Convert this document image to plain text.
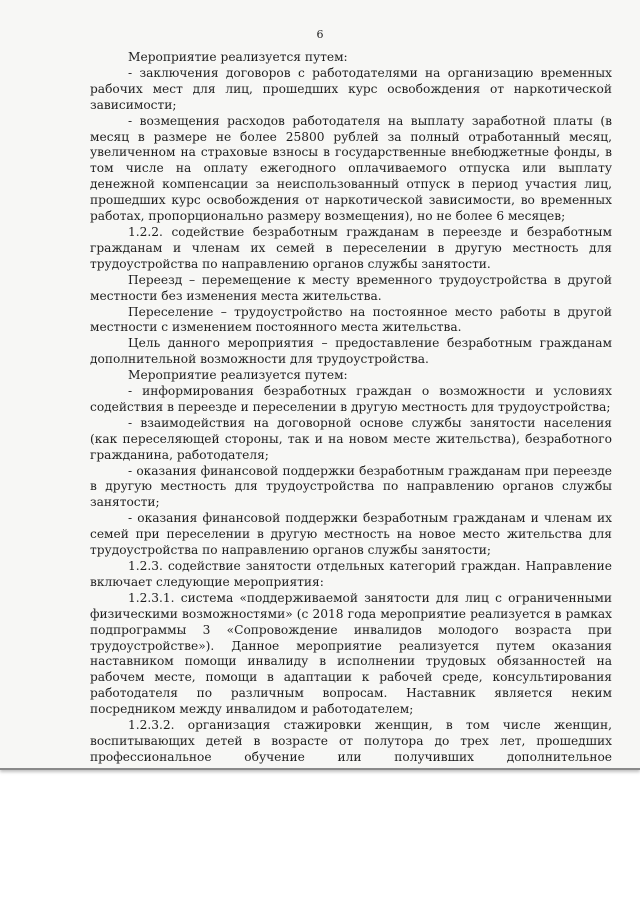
6

Мероприятие реализуется путем:

- заключения договоров с работодателями на организацию временных рабочих мест для лиц, прошедших курс освобождения от наркотической зависимости;

- возмещения расходов работодателя на выплату заработной платы (в месяц в размере не более 25800 рублей за полный отработанный месяц, увеличенном на страховые взносы в государственные внебюджетные фонды, в том числе на оплату ежегодного оплачиваемого отпуска или выплату денежной компенсации за неиспользованный отпуск в период участия лиц, прошедших курс освобождения от наркотической зависимости, во временных работах, пропорционально размеру возмещения), но не более 6 месяцев;

1.2.2. содействие безработным гражданам в переезде и безработным гражданам и членам их семей в переселении в другую местность для трудоустройства по направлению органов службы занятости.

Переезд – перемещение к месту временного трудоустройства в другой местности без изменения места жительства.

Переселение – трудоустройство на постоянное место работы в другой местности с изменением постоянного места жительства.

Цель данного мероприятия – предоставление безработным гражданам дополнительной возможности для трудоустройства.

Мероприятие реализуется путем:

- информирования безработных граждан о возможности и условиях содействия в переезде и переселении в другую местность для трудоустройства;

- взаимодействия на договорной основе службы занятости населения (как переселяющей стороны, так и на новом месте жительства), безработного гражданина, работодателя;

- оказания финансовой поддержки безработным гражданам при переезде в другую местность для трудоустройства по направлению органов службы занятости;

- оказания финансовой поддержки безработным гражданам и членам их семей при переселении в другую местность на новое место жительства для трудоустройства по направлению органов службы занятости;

1.2.3. содействие занятости отдельных категорий граждан. Направление включает следующие мероприятия:

1.2.3.1. система «поддерживаемой занятости для лиц с ограниченными физическими возможностями» (с 2018 года мероприятие реализуется в рамках подпрограммы 3 «Сопровождение инвалидов молодого возраста при трудоустройстве»). Данное мероприятие реализуется путем оказания наставником помощи инвалиду в исполнении трудовых обязанностей на рабочем месте, помощи в адаптации к рабочей среде, консультирования работодателя по различным вопросам. Наставник является неким посредником между инвалидом и работодателем;

1.2.3.2. организация стажировки женщин, в том числе женщин, воспитывающих детей в возрасте от полутора до трех лет, прошедших профессиональное обучение или получивших дополнительное
